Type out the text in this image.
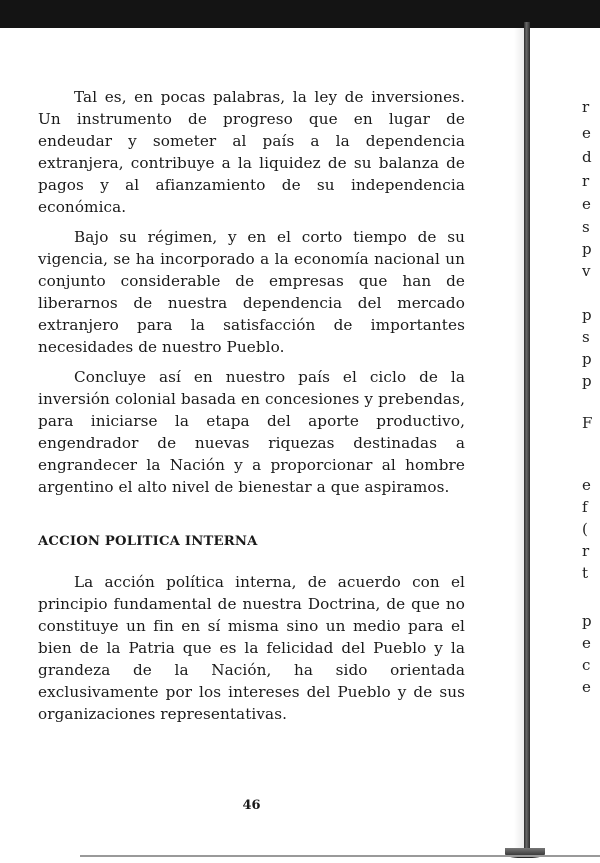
Tal es, en pocas palabras, la ley de inversiones. Un instrumento de progreso que en lugar de endeudar y someter al país a la dependencia extranjera, contribuye a la liquidez de su balanza de pagos y al afianzamiento de su independencia económica.

Bajo su régimen, y en el corto tiempo de su vigencia, se ha incorporado a la economía nacional un conjunto considerable de empresas que han de liberarnos de nuestra dependencia del mercado extranjero para la satisfacción de importantes necesidades de nuestro Pueblo.

Concluye así en nuestro país el ciclo de la inversión colonial basada en concesiones y prebendas, para iniciarse la etapa del aporte productivo, engendrador de nuevas riquezas destinadas a engrandecer la Nación y a proporcionar al hombre argentino el alto nivel de bienestar a que aspiramos.

ACCION POLITICA INTERNA

La acción política interna, de acuerdo con el principio fundamental de nuestra Doctrina, de que no constituye un fin en sí misma sino un medio para el bien de la Patria que es la felicidad del Pueblo y la grandeza de la Nación, ha sido orientada exclusivamente por los intereses del Pueblo y de sus organizaciones representativas.

46
r
e
d
r
e
s
p
v
p
s
p
p
F
e
f
(
r
t
p
e
c
e
